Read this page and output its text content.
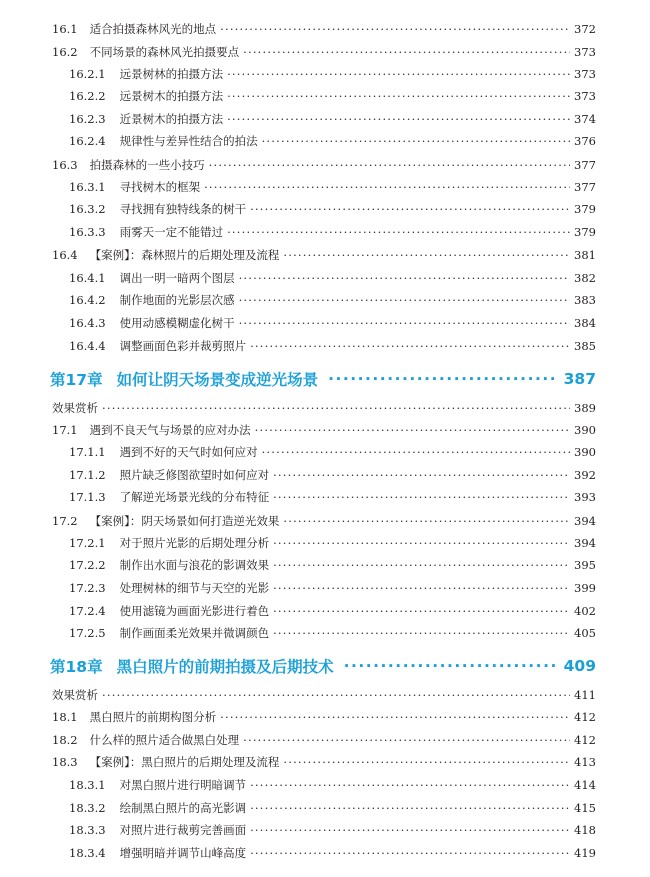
16.1	适合拍摄森林风光的地点 ·····	372
16.2	不同场景的森林风光拍摄要点 ·····	373
16.2.1	远景树林的拍摄方法 ·····	373
16.2.2	远景树木的拍摄方法 ·····	373
16.2.3	近景树木的拍摄方法 ·····	374
16.2.4	规律性与差异性结合的拍法 ·····	376
16.3	拍摄森林的一些小技巧 ·····	377
16.3.1	寻找树木的框架 ·····	377
16.3.2	寻找拥有独特线条的树干 ·····	379
16.3.3	雨雾天一定不能错过 ·····	379
16.4	【案例】：森林照片的后期处理及流程 ·····	381
16.4.1	调出一明一暗两个图层 ·····	382
16.4.2	制作地面的光影层次感 ·····	383
16.4.3	使用动感模糊虚化树干 ·····	384
16.4.4	调整画面色彩并裁剪照片 ·····	385
第17章 如何让阴天场景变成逆光场景 ·····	387
效果赏析 ·····	389
17.1	遇到不良天气与场景的应对办法 ·····	390
17.1.1	遇到不好的天气时如何应对 ·····	390
17.1.2	照片缺乏修图欲望时如何应对 ·····	392
17.1.3	了解逆光场景光线的分布特征 ·····	393
17.2	【案例】：阴天场景如何打造逆光效果 ·····	394
17.2.1	对于照片光影的后期处理分析 ·····	394
17.2.2	制作出水面与浪花的影调效果 ·····	395
17.2.3	处理树林的细节与天空的光影 ·····	399
17.2.4	使用滤镜为画面光影进行着色 ·····	402
17.2.5	制作画面柔光效果并微调颜色 ·····	405
第18章 黑白照片的前期拍摄及后期技术 ·····	409
效果赏析 ·····	411
18.1	黑白照片的前期构图分析 ·····	412
18.2	什么样的照片适合做黑白处理 ·····	412
18.3	【案例】：黑白照片的后期处理及流程 ·····	413
18.3.1	对黑白照片进行明暗调节 ·····	414
18.3.2	绘制黑白照片的高光影调 ·····	415
18.3.3	对照片进行裁剪完善画面 ·····	418
18.3.4	增强明暗并调节山峰高度 ·····	419
